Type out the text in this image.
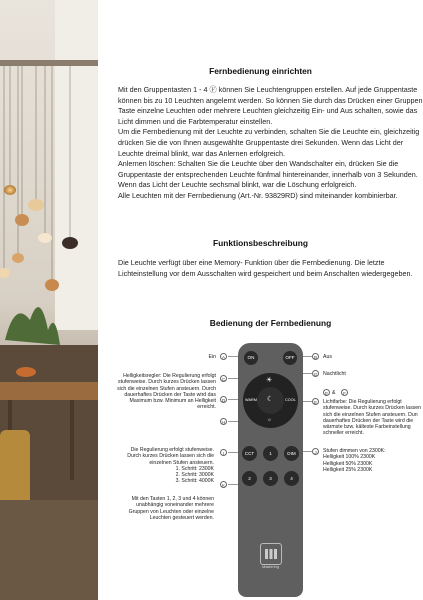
Fernbedienung einrichten

Mit den Gruppentasten 1 - 4 Ⓕ können Sie Leuchtengruppen erstellen. Auf jede Gruppentaste können bis zu 10 Leuchten angelernt werden. So können Sie durch das Drücken einer Gruppen Taste einzelne Leuchten oder mehrere Leuchten gleichzeitig Ein- und Aus schalten, sowie das Licht dimmen und die Farbtemperatur einstellen.

Um die Fernbedienung mit der Leuchte zu verbinden, schalten Sie die Leuchte ein, gleichzeitig drücken Sie die von Ihnen ausgewählte Gruppentaste drei Sekunden. Wenn das Licht der Leuchte dreimal blinkt, war das Anlernen erfolgreich.

Anlernen löschen: Schalten Sie die Leuchte über den Wandschalter ein, drücken Sie die Gruppentaste der entsprechenden Leuchte fünfmal hintereinander, innerhalb von 3 Sekunden. Wenn das Licht der Leuchte sechsmal blinkt, war die Löschung erfolgreich.

Alle Leuchten mit der Fernbedienung (Art.-Nr. 93829RD) sind miteinander kombinierbar.

Funktionsbeschreibung
Die Leuchte verfügt über eine Memory- Funktion über die Fernbedienung. Die letzte Lichteinstellung vor dem Ausschalten wird gespeichert und beim Anschalten wiedergegeben.
Bedienung der Fernbedienung
Ein	A
C
Helligkeitsregler: Die Regulierung erfolgt stufenweise. Durch kurzes Drücken lassen sich die einzelnen Stufen ansteuern. Durch dauerhaftes Drücken der Taste wird das Maximum bzw. Minimum an Helligkeit erreicht.
D
H
Die Regulierung erfolgt stufenweise. Durch kurzes Drücken lassen sich die einzelnen Stufen ansteuern.
1. Schritt: 2300K
2. Schritt: 3000K
3. Schritt: 4000K
I
Mit den Tasten 1, 2, 3 und 4 können unabhängig voneinander mehrere Gruppen von Leuchten oder einzelne Leuchten gesteuert werden.
K
B	Aus
G	Nachtlicht
E &	F
E	Lichtfarbe: Die Regulierung erfolgt stufenweise. Durch kurzes Drücken lassen sich die einzelnen Stufen ansteuern. Dun dauerhaftes Drücken der Taste wird die wärmste bzw. kälteste Farbeinstellung schneller erreicht.
J	Stufen dimmen von 2300K:
Helligkeit 100% 2300K
Helligkeit 50% 2300K
Helligkeit 25% 2300K
ON	OFF
☀
WARM	COOL
☾
☼
CCT	1	DIM
2	3	4
Mastering
